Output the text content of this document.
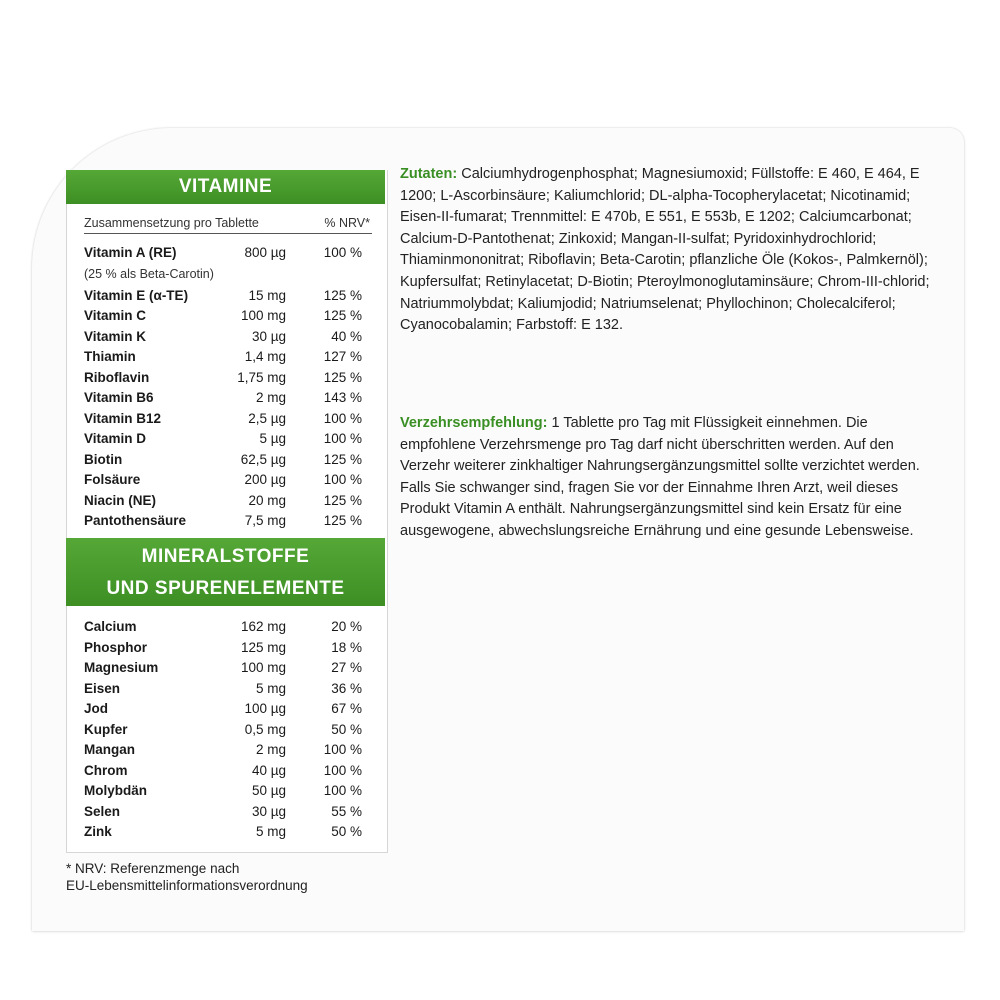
VITAMINE
Zusammensetzung pro Tablette	% NRV*
Vitamin A (RE)	800 µg	100 %
(25 % als Beta-Carotin)
Vitamin E (α-TE)	15 mg	125 %
Vitamin C	100 mg	125 %
Vitamin K	30 µg	40 %
Thiamin	1,4 mg	127 %
Riboflavin	1,75 mg	125 %
Vitamin B6	2 mg	143 %
Vitamin B12	2,5 µg	100 %
Vitamin D	5 µg	100 %
Biotin	62,5 µg	125 %
Folsäure	200 µg	100 %
Niacin (NE)	20 mg	125 %
Pantothensäure	7,5 mg	125 %
MINERALSTOFFE
UND SPURENELEMENTE
Calcium	162 mg	20 %
Phosphor	125 mg	18 %
Magnesium	100 mg	27 %
Eisen	5 mg	36 %
Jod	100 µg	67 %
Kupfer	0,5 mg	50 %
Mangan	2 mg	100 %
Chrom	40 µg	100 %
Molybdän	50 µg	100 %
Selen	30 µg	55 %
Zink	5 mg	50 %
* NRV: Referenzmenge nach
EU-Lebensmittelinformationsverordnung
Zutaten: Calciumhydrogenphosphat; Magnesiumoxid; Füllstoffe: E 460, E 464, E 1200; L-Ascorbinsäure; Kaliumchlorid; DL-alpha-Tocopherylacetat; Nicotinamid; Eisen-II-fumarat; Trennmittel: E 470b, E 551, E 553b, E 1202; Calciumcarbonat; Calcium-D-Pantothenat; Zinkoxid; Mangan-II-sulfat; Pyridoxinhydrochlorid; Thiaminmononitrat; Riboflavin; Beta-Carotin; pflanzliche Öle (Kokos-, Palmkernöl); Kupfersulfat; Retinylacetat; D-Biotin; Pteroylmonoglutaminsäure; Chrom-III-chlorid; Natriummolybdat; Kaliumjodid; Natriumselenat; Phyllochinon; Cholecalciferol; Cyanocobalamin; Farbstoff: E 132.
Verzehrsempfehlung: 1 Tablette pro Tag mit Flüssigkeit einnehmen. Die empfohlene Verzehrsmenge pro Tag darf nicht überschritten werden. Auf den Verzehr weiterer zinkhaltiger Nahrungsergänzungsmittel sollte verzichtet werden. Falls Sie schwanger sind, fragen Sie vor der Einnahme Ihren Arzt, weil dieses Produkt Vitamin A enthält. Nahrungsergänzungsmittel sind kein Ersatz für eine ausgewogene, abwechslungsreiche Ernährung und eine gesunde Lebensweise.
